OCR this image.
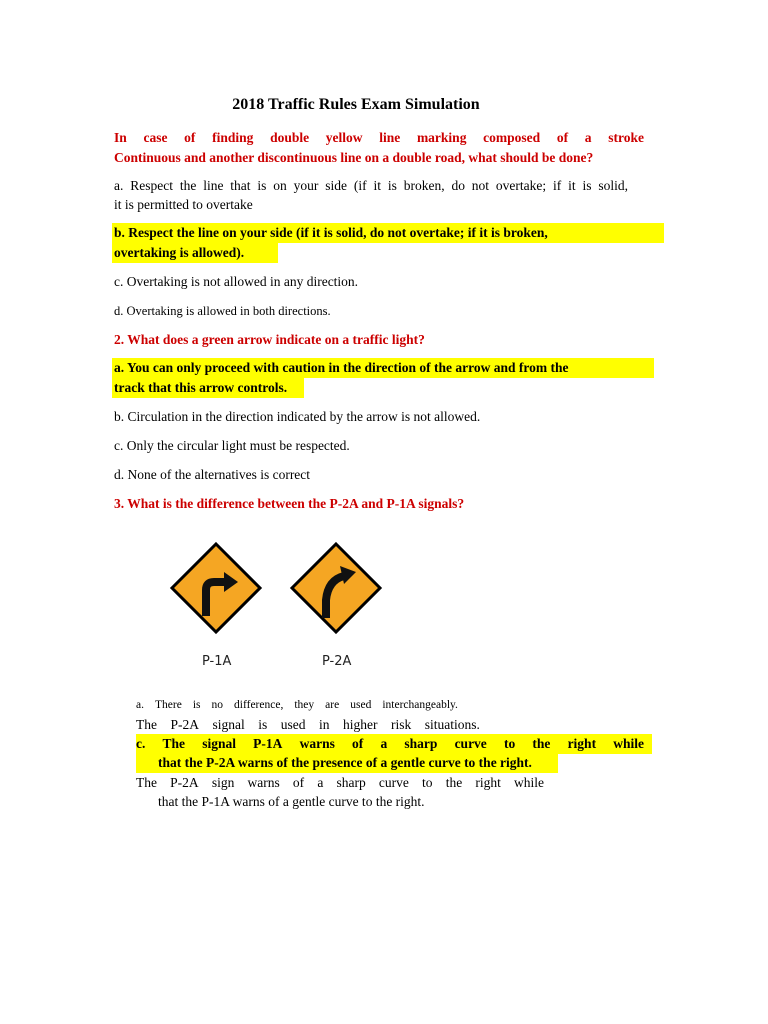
2018 Traffic Rules Exam Simulation
In case of finding double yellow line marking composed of a stroke
Continuous and another discontinuous line on a double road, what should be done?
a. Respect the line that is on your side (if it is broken, do not overtake; if it is solid,
it is permitted to overtake
b. Respect the line on your side (if it is solid, do not overtake; if it is broken,
overtaking is allowed).
c. Overtaking is not allowed in any direction.
d. Overtaking is allowed in both directions.
2. What does a green arrow indicate on a traffic light?
a. You can only proceed with caution in the direction of the arrow and from the
track that this arrow controls.
b. Circulation in the direction indicated by the arrow is not allowed.
c. Only the circular light must be respected.
d. None of the alternatives is correct
3. What is the difference between the P-2A and P-1A signals?
P-1A	P-2A
a. There is no difference, they are used interchangeably.
The P-2A signal is used in higher risk situations.
c. The signal P-1A warns of a sharp curve to the right while
that the P-2A warns of the presence of a gentle curve to the right.
The P-2A sign warns of a sharp curve to the right while
that the P-1A warns of a gentle curve to the right.
